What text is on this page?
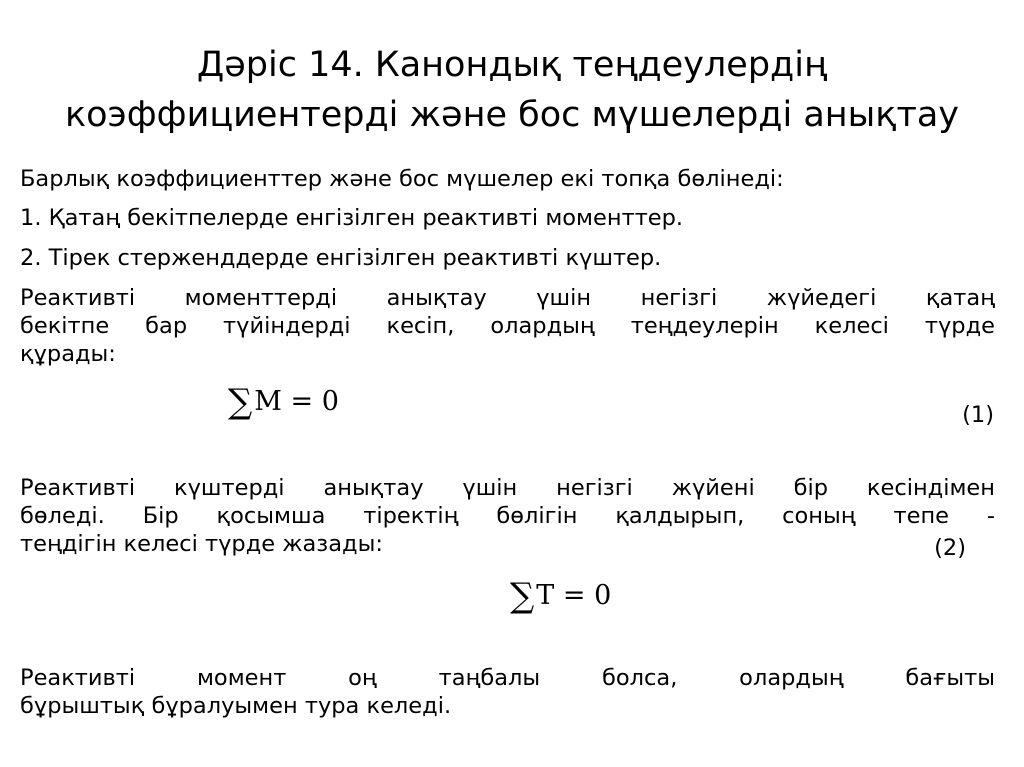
Дәріс 14. Канондық теңдеулердің
коэффициентерді және бос мүшелерді анықтау
Барлық коэффициенттер және бос мүшелер екі топқа бөлінеді:
1. Қатаң бекітпелерде енгізілген реактивті моменттер.
2. Тірек стерженддерде енгізілген реактивті күштер.
Реактивті моменттерді анықтау үшін негізгі жүйедегі қатаң
бекітпе бар түйіндерді кесіп, олардың теңдеулерін келесі түрде
құрады:
∑M = 0	(1)
Реактивті күштерді анықтау үшін негізгі жүйені бір кесіндімен
бөледі. Бір қосымша тіректің бөлігін қалдырып, соның тепе -
теңдігін келесі түрде жазады:	(2)
∑T = 0
Реактивті момент оң таңбалы болса, олардың бағыты
бұрыштық бұралуымен тура келеді.
